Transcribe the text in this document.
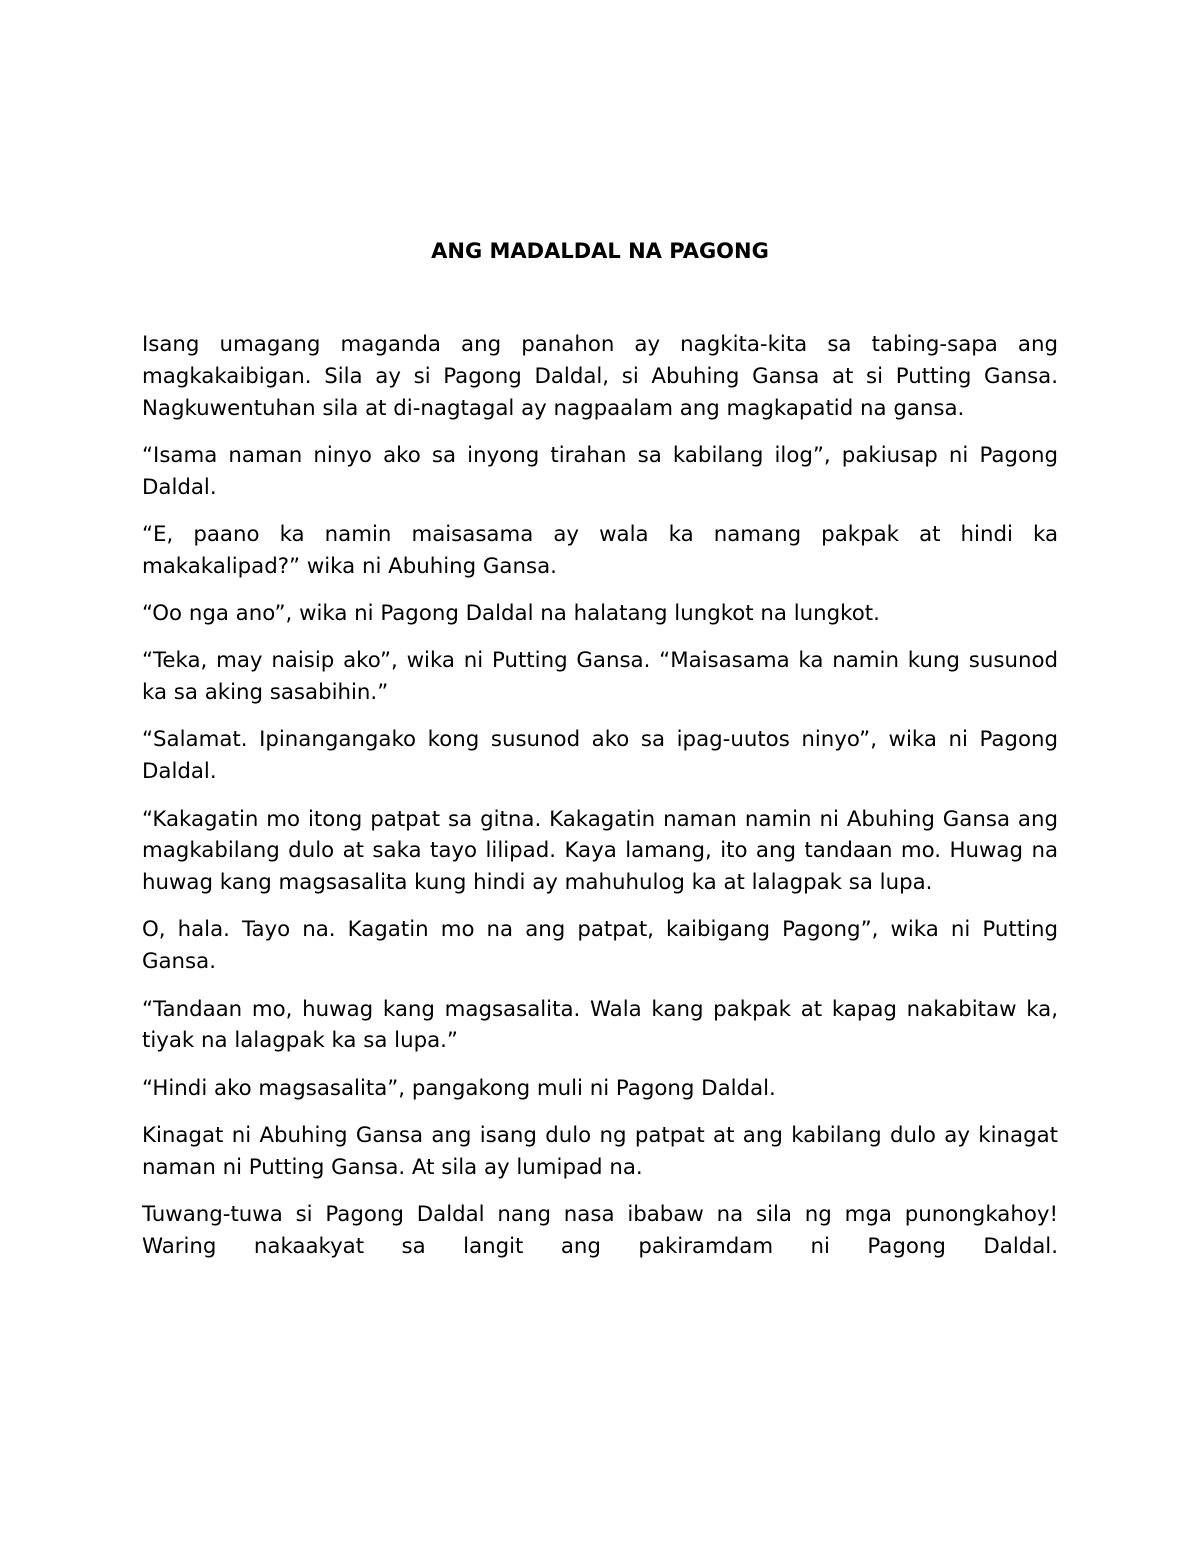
ANG MADALDAL NA PAGONG

Isang umagang maganda ang panahon ay nagkita-kita sa tabing-sapa ang magkakaibigan. Sila ay si Pagong Daldal, si Abuhing Gansa at si Putting Gansa. Nagkuwentuhan sila at di-nagtagal ay nagpaalam ang magkapatid na gansa.

“Isama naman ninyo ako sa inyong tirahan sa kabilang ilog”, pakiusap ni Pagong Daldal.

“E, paano ka namin maisasama ay wala ka namang pakpak at hindi ka makakalipad?” wika ni Abuhing Gansa.

“Oo nga ano”, wika ni Pagong Daldal na halatang lungkot na lungkot.

“Teka, may naisip ako”, wika ni Putting Gansa. “Maisasama ka namin kung susunod ka sa aking sasabihin.”

“Salamat. Ipinangangako kong susunod ako sa ipag-uutos ninyo”, wika ni Pagong Daldal.

“Kakagatin mo itong patpat sa gitna. Kakagatin naman namin ni Abuhing Gansa ang magkabilang dulo at saka tayo lilipad. Kaya lamang, ito ang tandaan mo. Huwag na huwag kang magsasalita kung hindi ay mahuhulog ka at lalagpak sa lupa.

O, hala. Tayo na. Kagatin mo na ang patpat, kaibigang Pagong”, wika ni Putting Gansa.

“Tandaan mo, huwag kang magsasalita. Wala kang pakpak at kapag nakabitaw ka, tiyak na lalagpak ka sa lupa.”

“Hindi ako magsasalita”, pangakong muli ni Pagong Daldal.

Kinagat ni Abuhing Gansa ang isang dulo ng patpat at ang kabilang dulo ay kinagat naman ni Putting Gansa. At sila ay lumipad na.

Tuwang-tuwa si Pagong Daldal nang nasa ibabaw na sila ng mga punongkahoy! Waring nakaakyat sa langit ang pakiramdam ni Pagong Daldal.
